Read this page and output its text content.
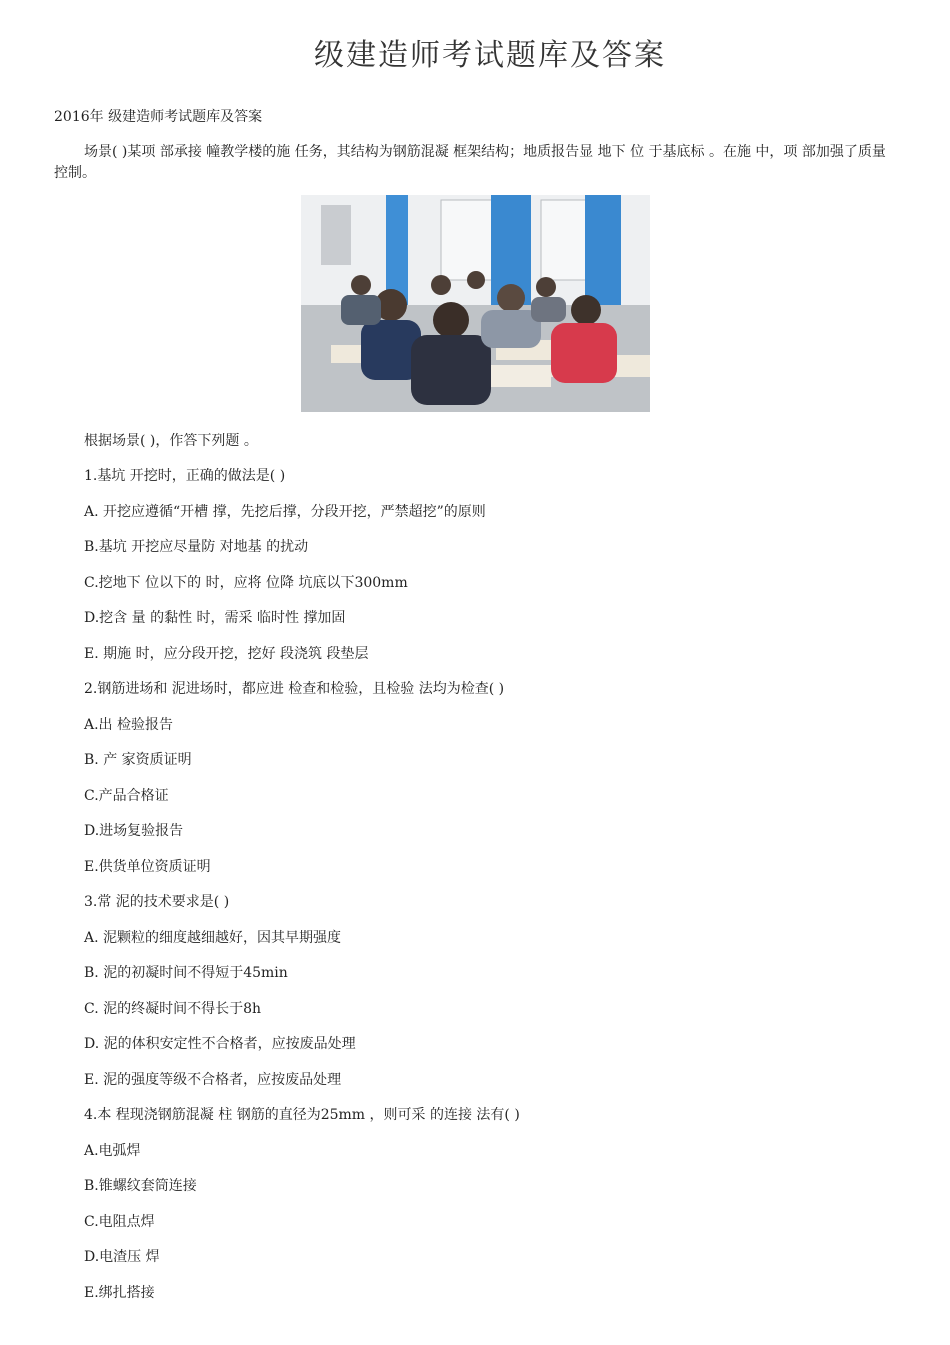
级建造师考试题库及答案
2016年 级建造师考试题库及答案
场景( )某项 部承接 幢教学楼的施 任务，其结构为钢筋混凝 框架结构；地质报告显 地下 位 于基底标 。在施 中，项 部加强了质量控制。
根据场景( )，作答下列题 。
1.基坑 开挖时，正确的做法是( )
A. 开挖应遵循“开槽 撑，先挖后撑，分段开挖，严禁超挖”的原则
B.基坑 开挖应尽量防 对地基 的扰动
C.挖地下 位以下的 时，应将 位降 坑底以下300mm
D.挖含 量 的黏性 时，需采 临时性 撑加固
E. 期施 时，应分段开挖，挖好 段浇筑 段垫层
2.钢筋进场和 泥进场时，都应进 检查和检验，且检验 法均为检查( )
A.出 检验报告
B. 产 家资质证明
C.产品合格证
D.进场复验报告
E.供货单位资质证明
3.常 泥的技术要求是( )
A. 泥颗粒的细度越细越好，因其早期强度
B. 泥的初凝时间不得短于45min
C. 泥的终凝时间不得长于8h
D. 泥的体积安定性不合格者，应按废品处理
E. 泥的强度等级不合格者，应按废品处理
4.本 程现浇钢筋混凝 柱 钢筋的直径为25mm ，则可采 的连接 法有( )
A.电弧焊
B.锥螺纹套筒连接
C.电阻点焊
D.电渣压 焊
E.绑扎搭接
